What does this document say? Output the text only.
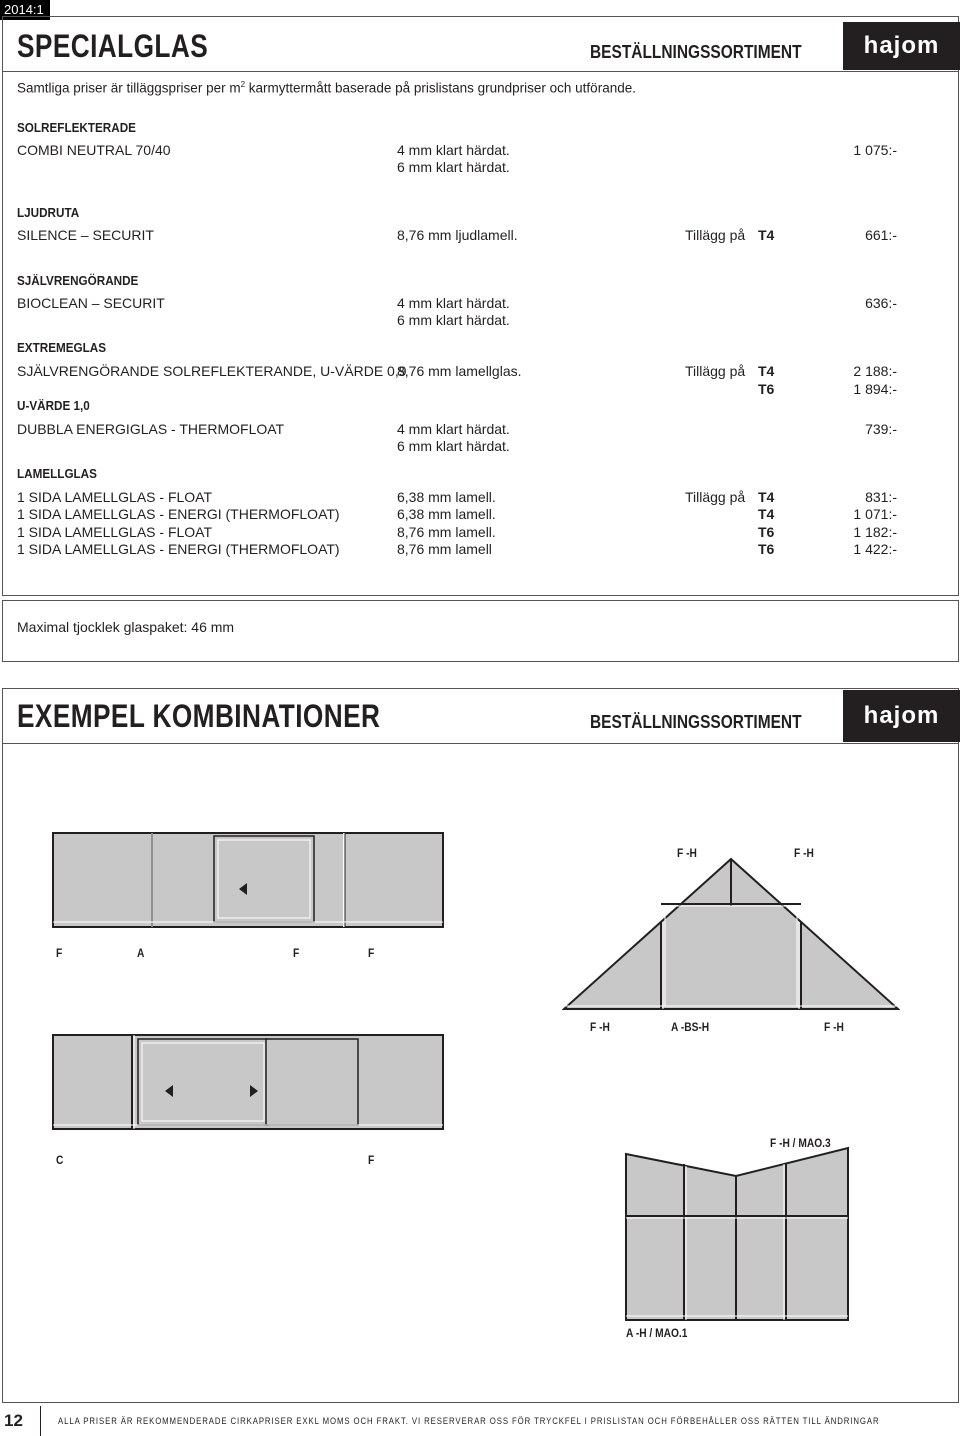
2014:1
SPECIALGLAS	BESTÄLLNINGSSORTIMENT	hajom
Samtliga priser är tilläggspriser per $m^2$ karmyttermått baserade på prislistans grundpriser och utförande.
SOLREFLEKTERADE
COMBI NEUTRAL 70/40	4 mm klart härdat.	1 075:-
6 mm klart härdat.
LJUDRUTA
SILENCE – SECURIT	8,76 mm ljudlamell.	Tillägg på T4	661:-
SJÄLVRENGÖRANDE
BIOCLEAN – SECURIT	4 mm klart härdat.	636:-
6 mm klart härdat.
EXTREMEGLAS
SJÄLVRENGÖRANDE SOLREFLEKTERANDE, U-VÄRDE 0,9
8,76 mm lamellglas.	Tillägg på T4	2 188:-
T6	1 894:-
U-VÄRDE 1,0
DUBBLA ENERGIGLAS - THERMOFLOAT	4 mm klart härdat.	739:-
6 mm klart härdat.
LAMELLGLAS
1 SIDA LAMELLGLAS - FLOAT	6,38 mm lamell.	Tillägg på T4	831:-
1 SIDA LAMELLGLAS - ENERGI (THERMOFLOAT)	6,38 mm lamell.	T4	1 071:-
1 SIDA LAMELLGLAS - FLOAT	8,76 mm lamell.	T6	1 182:-
1 SIDA LAMELLGLAS - ENERGI (THERMOFLOAT)	8,76 mm lamell	T6	1 422:-
Maximal tjocklek glaspaket: 46 mm
EXEMPEL KOMBINATIONER	BESTÄLLNINGSSORTIMENT	hajom
F	A	F	F
F -H	F -H
F -H	A -BS-H	F -H
C	F
F -H / MAO.3
A -H / MAO.1
12	ALLA PRISER ÄR REKOMMENDERADE CIRKAPRISER EXKL MOMS OCH FRAKT. VI RESERVERAR OSS FÖR TRYCKFEL I PRISLISTAN OCH FÖRBEHÅLLER OSS RÄTTEN TILL ÄNDRINGAR
